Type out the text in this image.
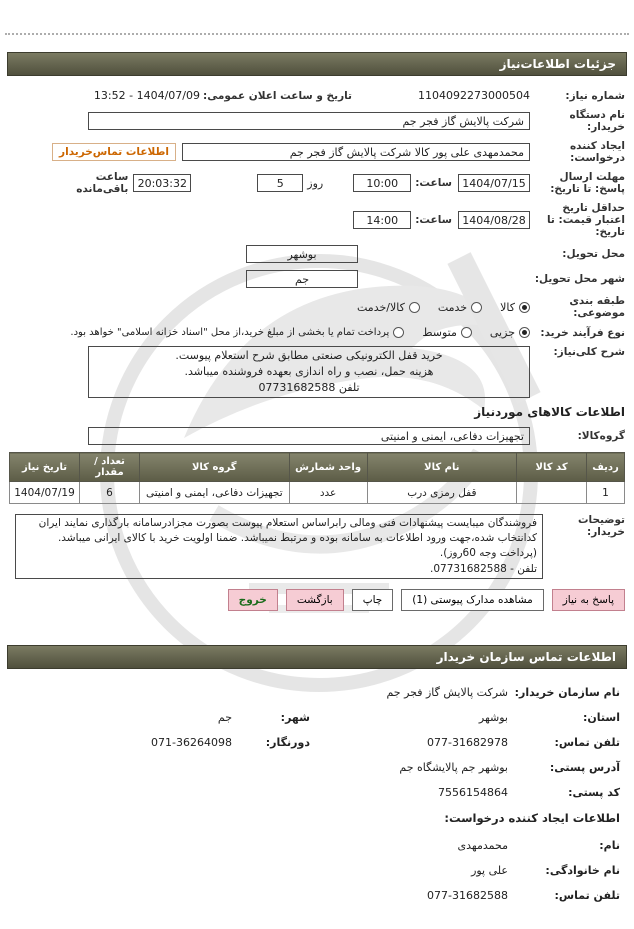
جزئیات اطلاعات‌نیاز
شماره نیاز:
1104092273000504
تاریخ و ساعت اعلان عمومی:
1404/07/09 - 13:52
نام دستگاه خریدار:
شرکت پالایش گاز فجر جم
ایجاد کننده درخواست:
محمدمهدی علی پور کالا شرکت پالایش گاز فجر جم
اطلاعات تماس‌خریدار
مهلت ارسال پاسخ: تا تاریخ:
1404/07/15
ساعت:
10:00
روز
5
20:03:32
ساعت باقی‌مانده
حداقل تاریخ اعتبار قیمت: تا تاریخ:
1404/08/28
ساعت:
14:00
محل تحویل:
بوشهر
شهر محل تحویل:
جم
طبقه بندی موضوعی:
کالا
خدمت
کالا/خدمت
نوع فرآیند خرید:
جزیی
متوسط
پرداخت تمام یا بخشی از مبلغ خرید،از محل "اسناد خزانه اسلامی" خواهد بود.
شرح کلی‌نیاز:
خرید قفل الکترونیکی صنعتی مطابق شرح استعلام پیوست.
هزینه حمل، نصب و راه اندازی بعهده فروشنده میباشد.
تلفن 07731682588
اطلاعات کالاهای موردنیاز
گروه‌کالا:
تجهیزات دفاعی، ایمنی و امنیتی
ردیف	کد کالا	نام کالا	واحد شمارش	گروه کالا	تعداد / مقدار	تاریخ نیاز
1		قفل رمزی درب	عدد	تجهیزات دفاعی، ایمنی و امنیتی	6	1404/07/19
توضیحات خریدار:
فروشندگان میبایست پیشنهادات فنی ومالی رابراساس استعلام پیوست بصورت مجزادرسامانه بارگذاری نمایند ایران کدانتخاب شده،جهت ورود اطلاعات به سامانه بوده و مرتبط نمیباشد. ضمنا اولویت خرید با کالای ایرانی میباشد.
(پرداخت وجه 60روز).
تلفن - 07731682588.
پاسخ به نیاز
مشاهده مدارک پیوستی (1)
چاپ
بازگشت
خروج
اطلاعات تماس سازمان خریدار
نام سازمان خریدار:
شرکت پالایش گاز فجر جم
استان:
بوشهر
شهر:
جم
تلفن تماس:
077-31682978
دورنگار:
071-36264098
آدرس پستی:
بوشهر جم پالایشگاه جم
کد پستی:
7556154864
اطلاعات ایجاد کننده درخواست:
نام:
محمدمهدی
نام خانوادگی:
علی پور
تلفن تماس:
077-31682588
